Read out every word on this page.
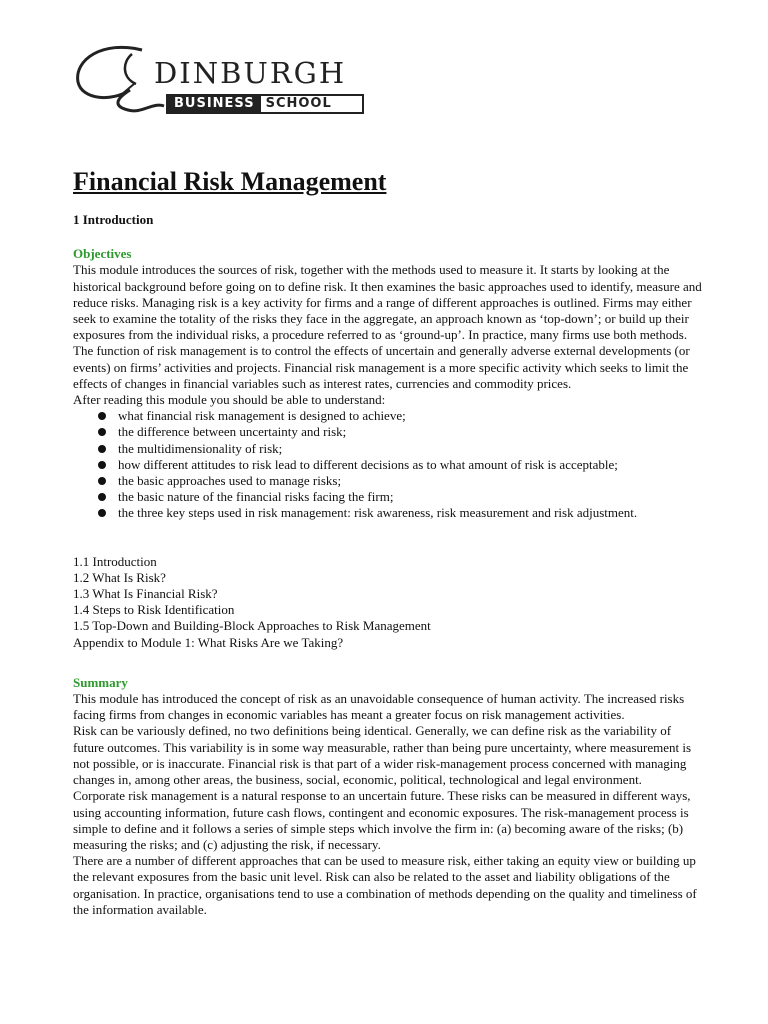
DINBURGH
BUSINESS SCHOOL
Financial Risk Management
1 Introduction
Objectives

This module introduces the sources of risk, together with the methods used to measure it. It starts by looking at the historical background before going on to define risk. It then examines the basic approaches used to identify, measure and reduce risks. Managing risk is a key activity for firms and a range of different approaches is outlined. Firms may either seek to examine the totality of the risks they face in the aggregate, an approach known as ‘top-down’; or build up their exposures from the individual risks, a procedure referred to as ‘ground-up’. In practice, many firms use both methods.

The function of risk management is to control the effects of uncertain and generally adverse external developments (or events) on firms’ activities and projects. Financial risk management is a more specific activity which seeks to limit the effects of changes in financial variables such as interest rates, currencies and commodity prices.

After reading this module you should be able to understand:

what financial risk management is designed to achieve;
the difference between uncertainty and risk;
the multidimensionality of risk;
how different attitudes to risk lead to different decisions as to what amount of risk is acceptable;
the basic approaches used to manage risks;
the basic nature of the financial risks facing the firm;
the three key steps used in risk management: risk awareness, risk measurement and risk adjustment.
1.1 Introduction
1.2 What Is Risk?
1.3 What Is Financial Risk?
1.4 Steps to Risk Identification
1.5 Top-Down and Building-Block Approaches to Risk Management
Appendix to Module 1: What Risks Are we Taking?
Summary

This module has introduced the concept of risk as an unavoidable consequence of human activity. The increased risks facing firms from changes in economic variables has meant a greater focus on risk management activities.

Risk can be variously defined, no two definitions being identical. Generally, we can define risk as the variability of future outcomes. This variability is in some way measurable, rather than being pure uncertainty, where measurement is not possible, or is inaccurate. Financial risk is that part of a wider risk-management process concerned with managing changes in, among other areas, the business, social, economic, political, technological and legal environment.

Corporate risk management is a natural response to an uncertain future. These risks can be measured in different ways, using accounting information, future cash flows, contingent and economic exposures. The risk-management process is simple to define and it follows a series of simple steps which involve the firm in: (a) becoming aware of the risks; (b) measuring the risks; and (c) adjusting the risk, if necessary.

There are a number of different approaches that can be used to measure risk, either taking an equity view or building up the relevant exposures from the basic unit level. Risk can also be related to the asset and liability obligations of the organisation. In practice, organisations tend to use a combination of methods depending on the quality and timeliness of the information available.
